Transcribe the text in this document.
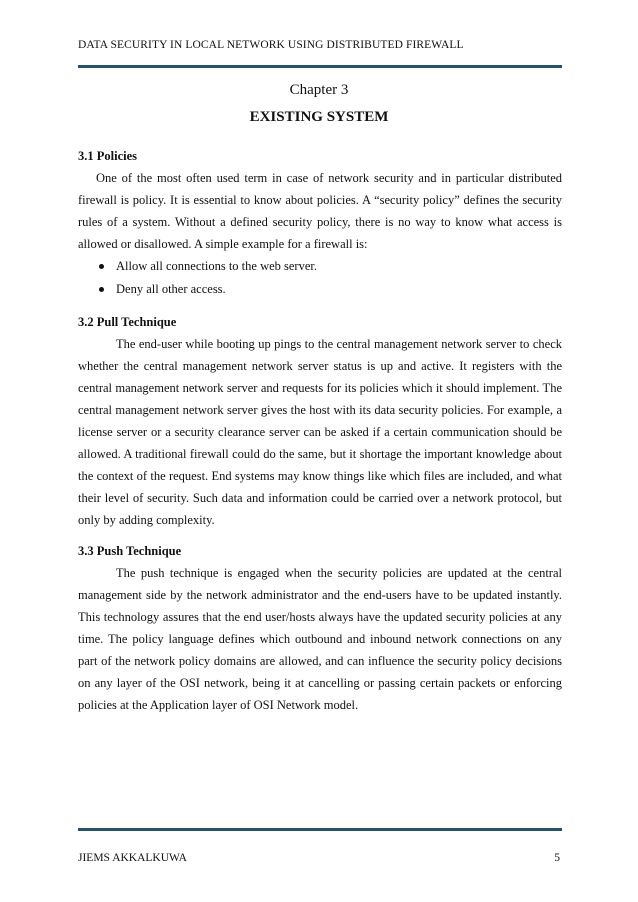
DATA SECURITY IN LOCAL NETWORK USING DISTRIBUTED FIREWALL
Chapter 3
EXISTING SYSTEM

3.1 Policies

One of the most often used term in case of network security and in particular distributed firewall is policy. It is essential to know about policies. A “security policy” defines the security rules of a system. Without a defined security policy, there is no way to know what access is allowed or disallowed. A simple example for a firewall is:

Allow all connections to the web server.
Deny all other access.

3.2 Pull Technique

The end-user while booting up pings to the central management network server to check whether the central management network server status is up and active. It registers with the central management network server and requests for its policies which it should implement. The central management network server gives the host with its data security policies. For example, a license server or a security clearance server can be asked if a certain communication should be allowed. A traditional firewall could do the same, but it shortage the important knowledge about the context of the request. End systems may know things like which files are included, and what their level of security. Such data and information could be carried over a network protocol, but only by adding complexity.

3.3 Push Technique

The push technique is engaged when the security policies are updated at the central management side by the network administrator and the end-users have to be updated instantly. This technology assures that the end user/hosts always have the updated security policies at any time. The policy language defines which outbound and inbound network connections on any part of the network policy domains are allowed, and can influence the security policy decisions on any layer of the OSI network, being it at cancelling or passing certain packets or enforcing policies at the Application layer of OSI Network model.

JIEMS AKKALKUWA	5
